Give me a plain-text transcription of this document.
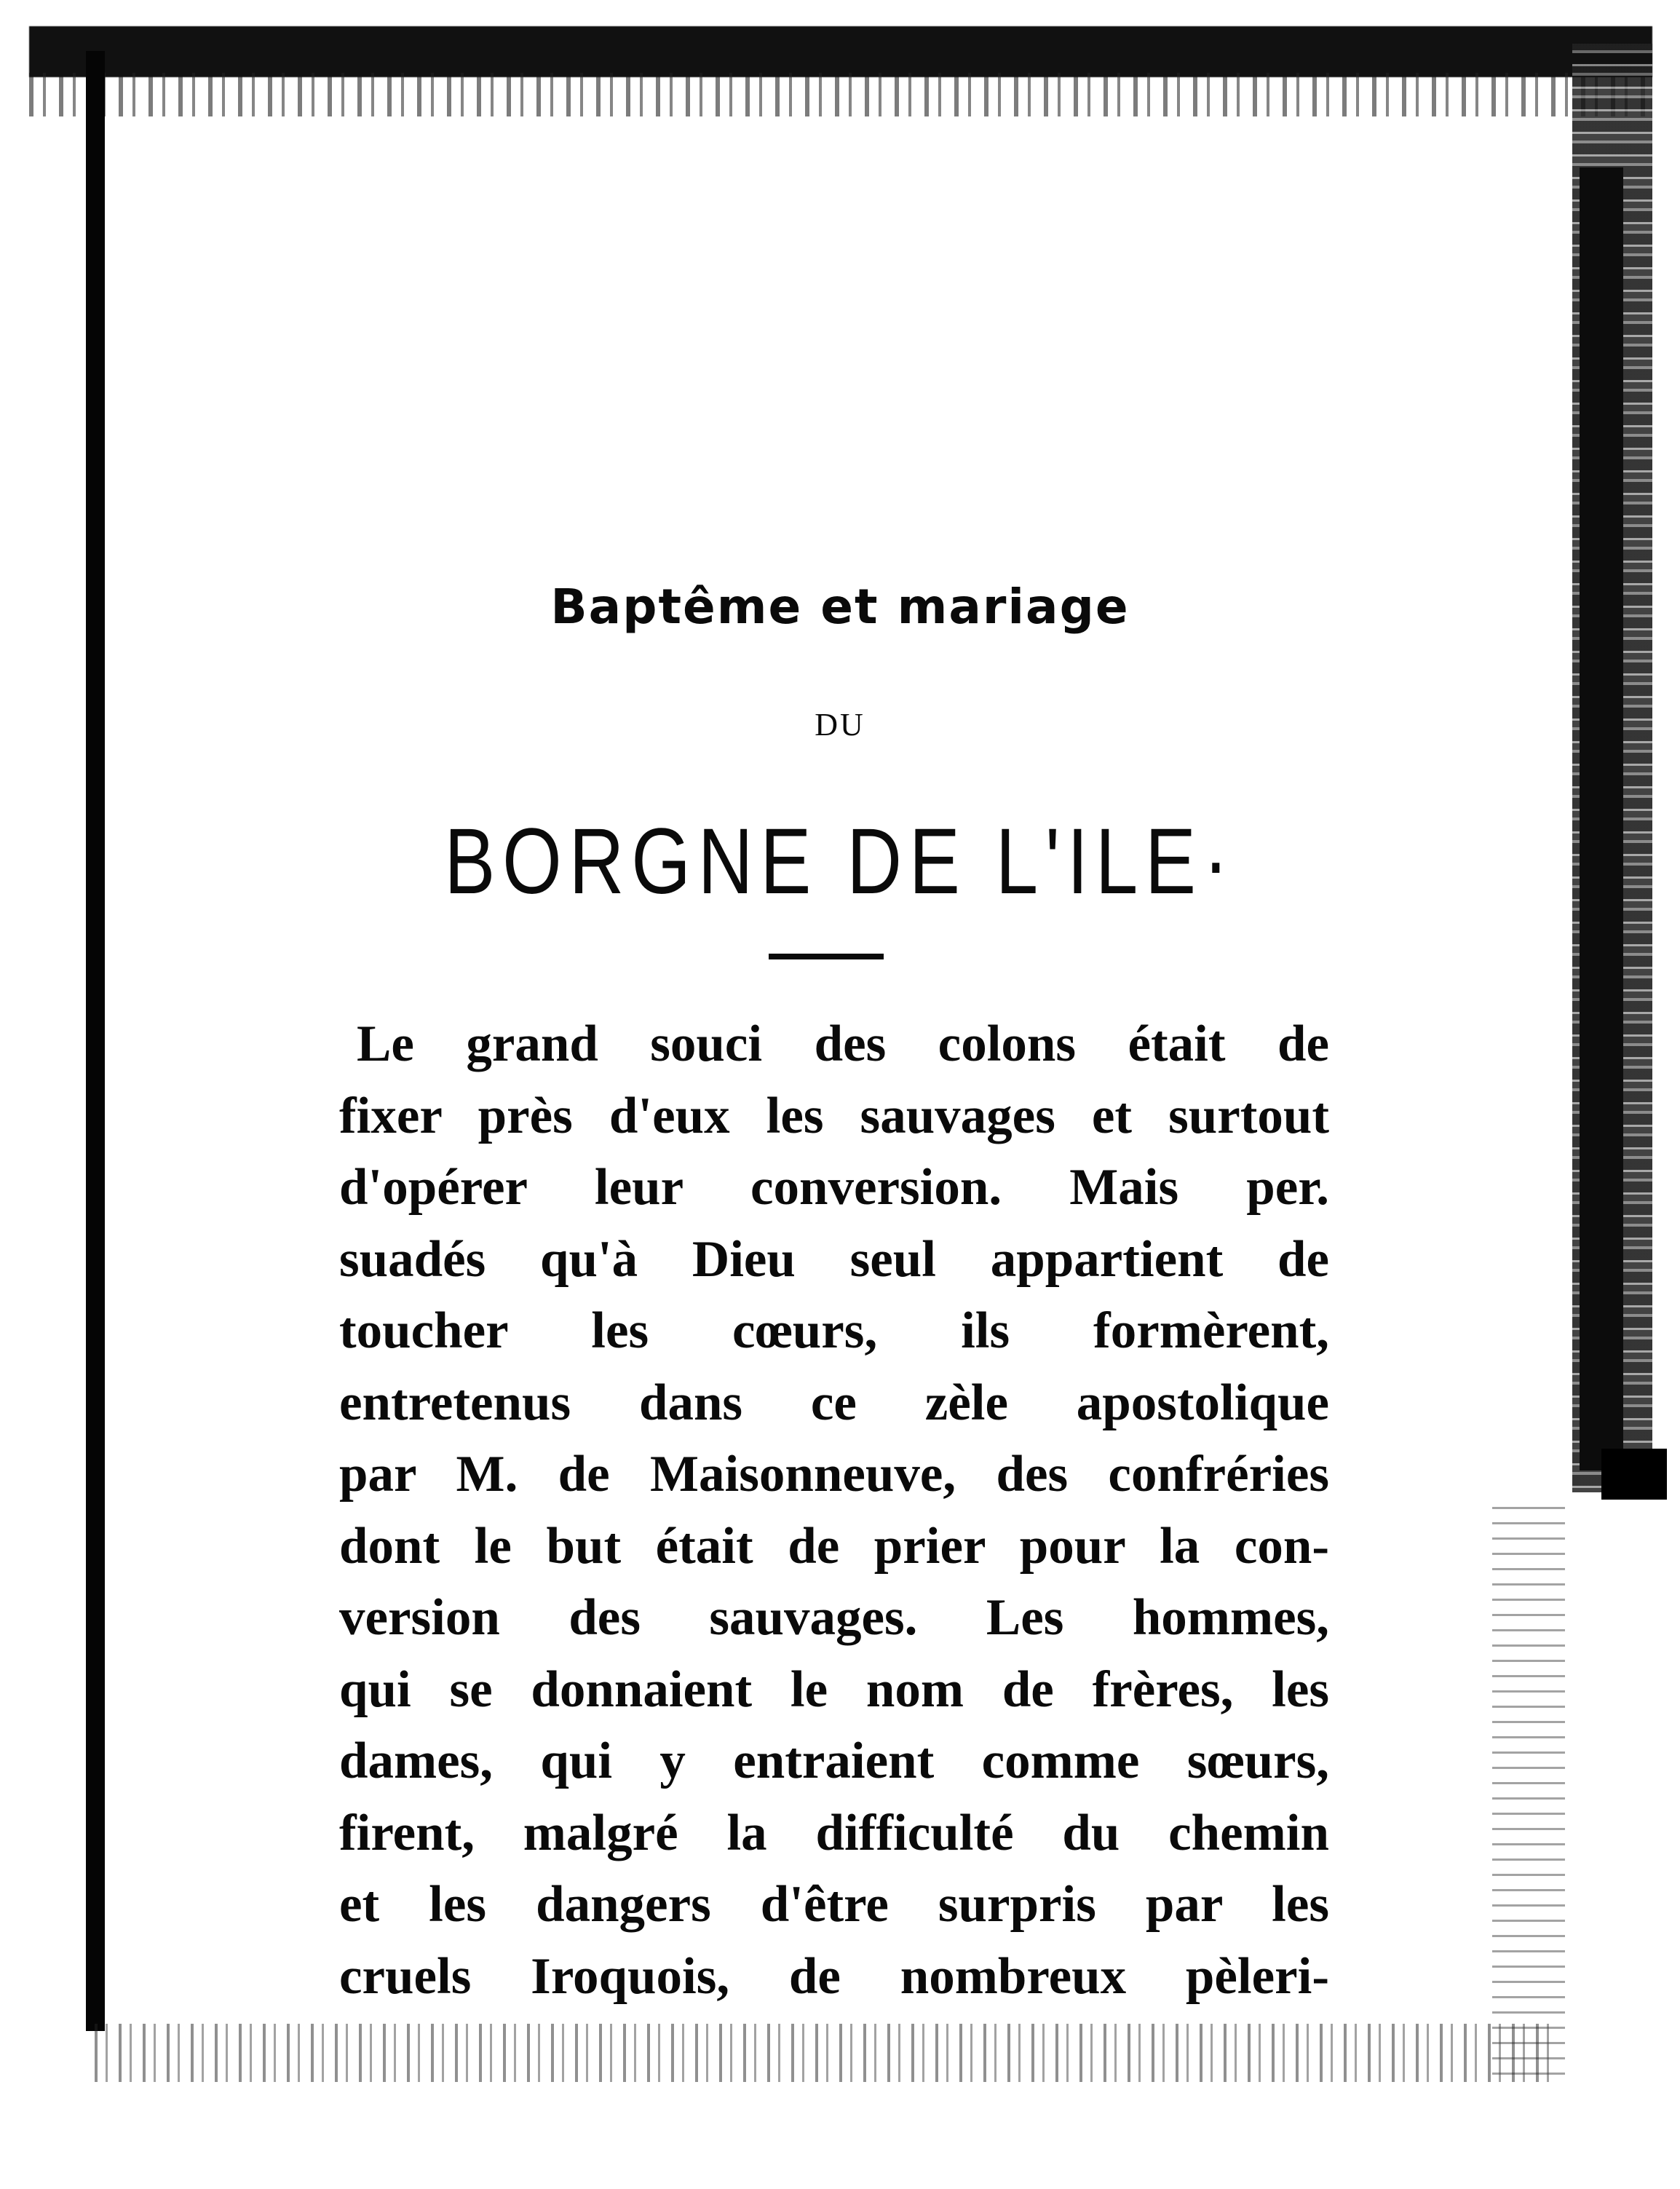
Baptême et mariage

DU

BORGNE DE L'ILE·
Le grand souci des colons était de
fixer près d'eux les sauvages et surtout
d'opérer leur conversion. Mais per.
suadés qu'à Dieu seul appartient de
toucher les cœurs, ils formèrent,
entretenus dans ce zèle apostolique
par M. de Maisonneuve, des confréries
dont le but était de prier pour la con-
version des sauvages. Les hommes,
qui se donnaient le nom de frères, les
dames, qui y entraient comme sœurs,
firent, malgré la difficulté du chemin
et les dangers d'être surpris par les
cruels Iroquois, de nombreux pèleri-
